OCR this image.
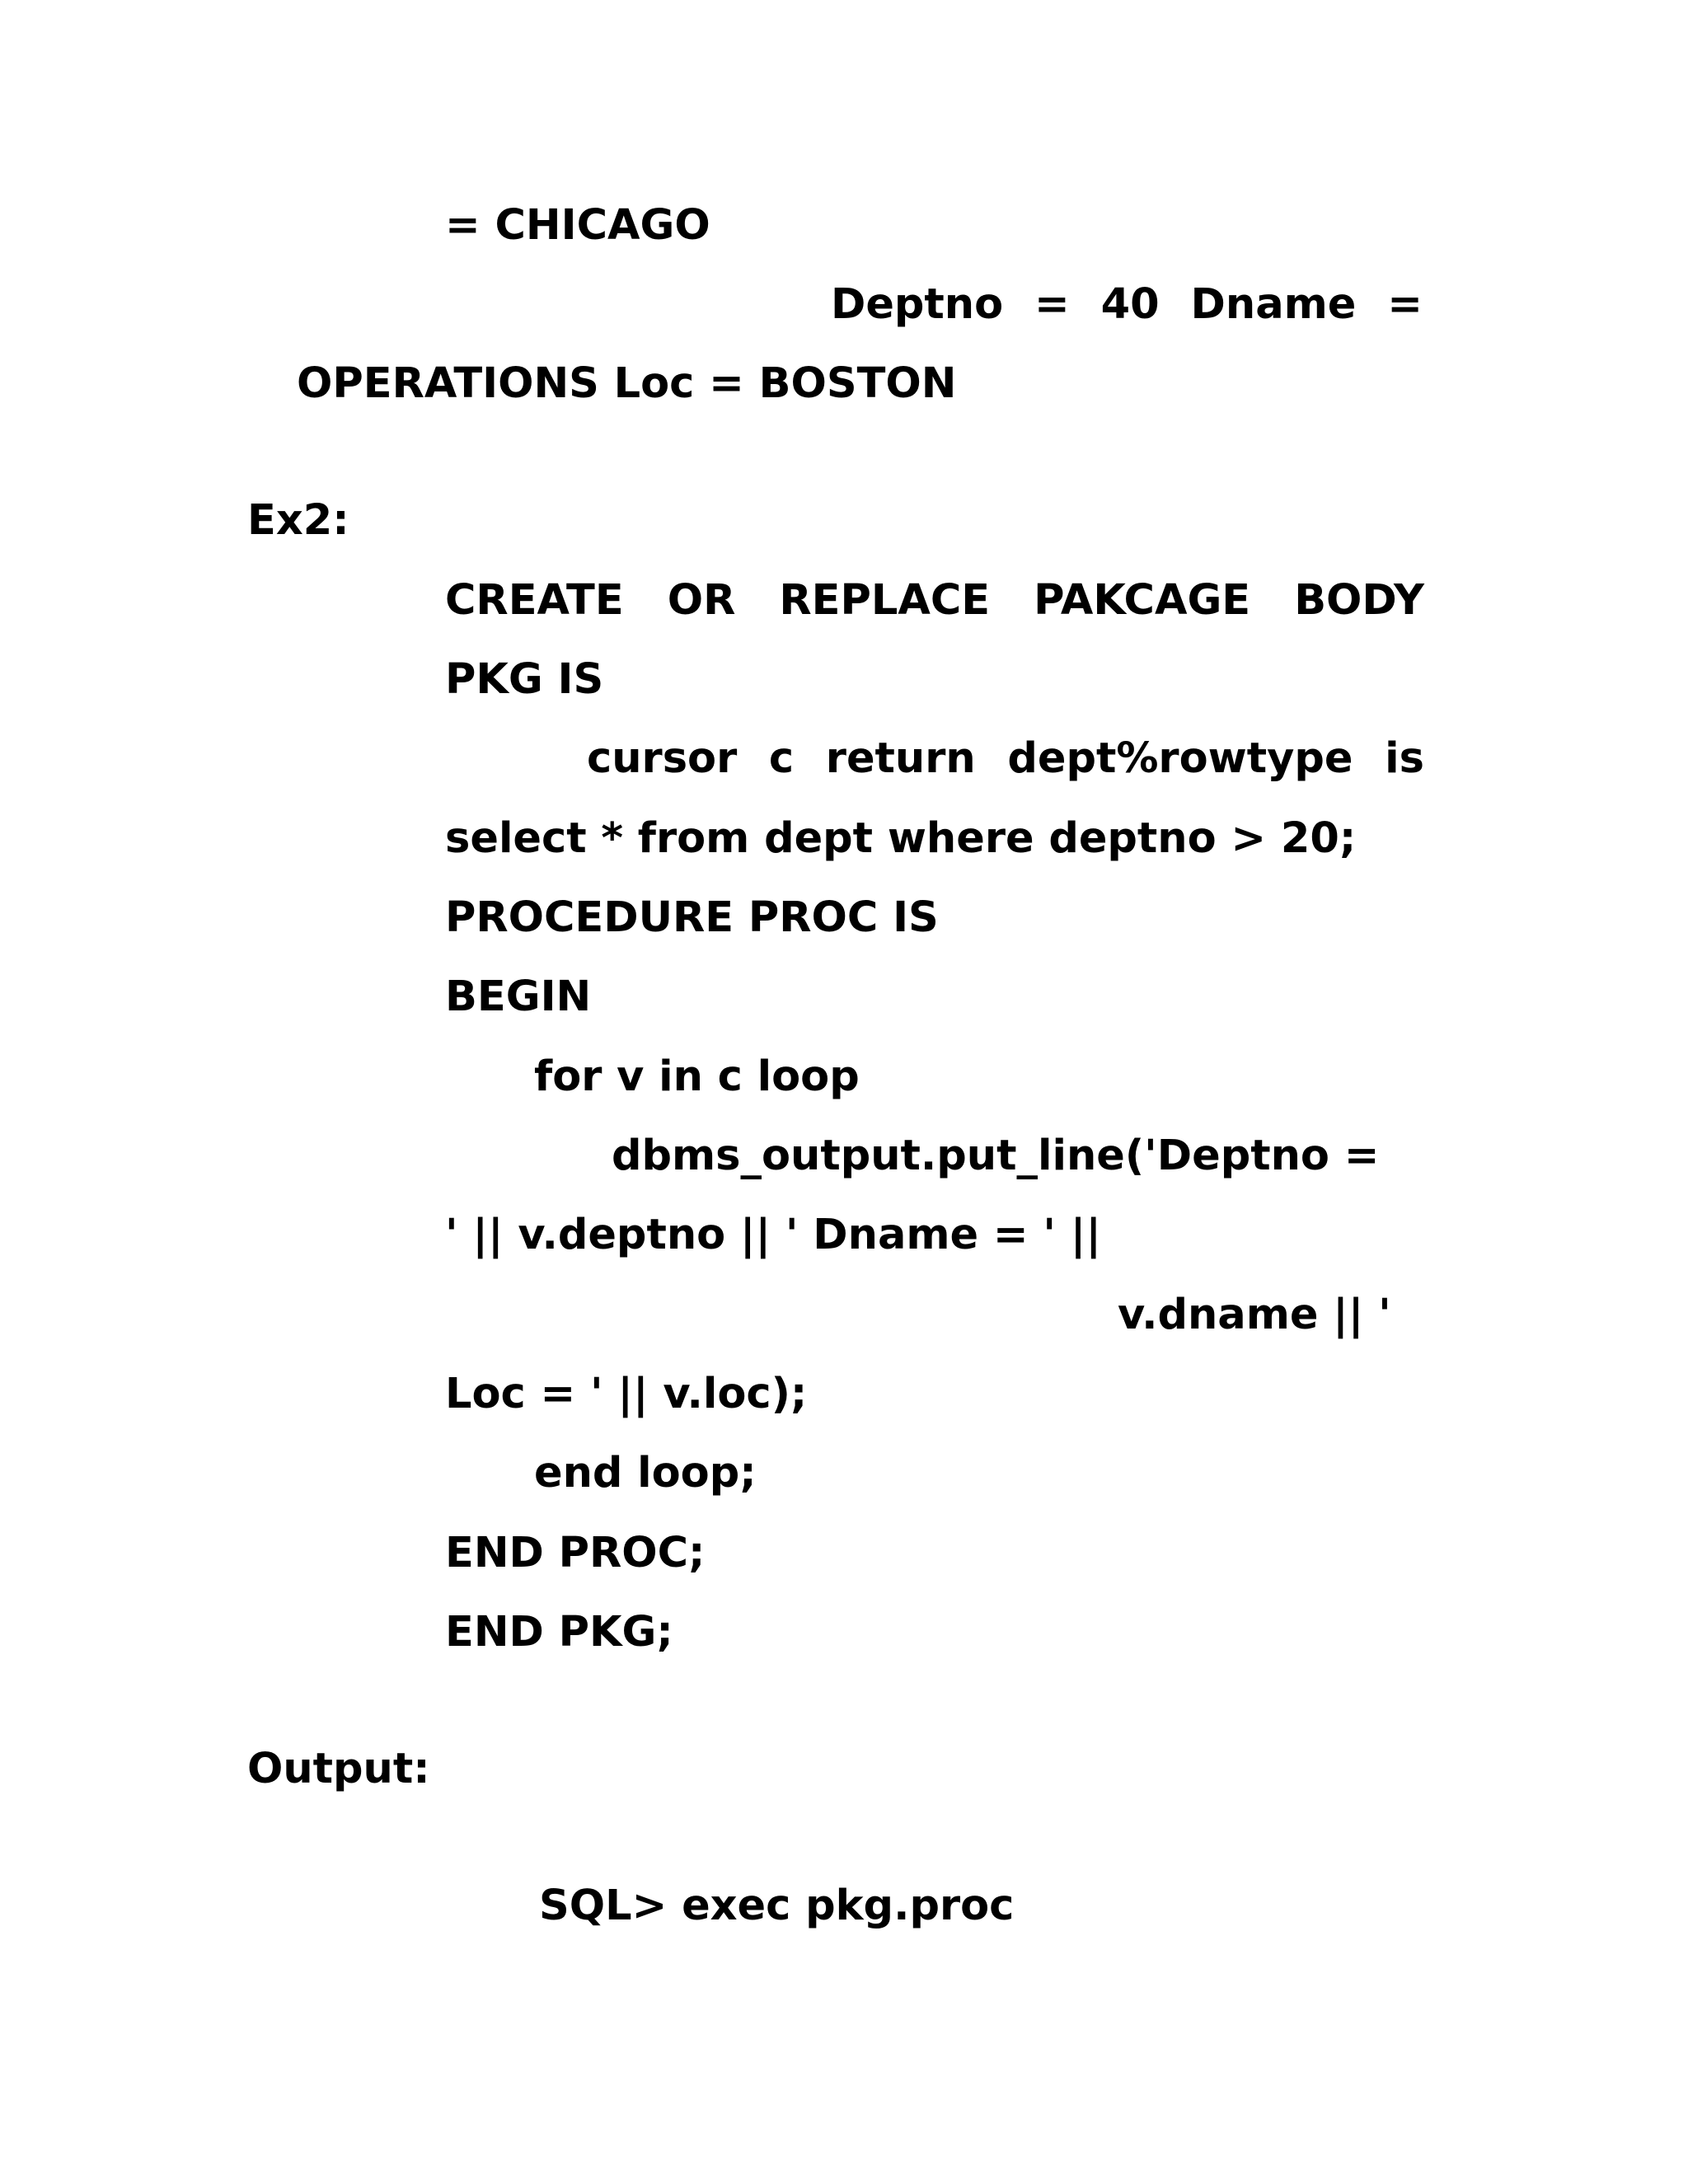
= CHICAGO
Deptno = 40 Dname =
OPERATIONS Loc = BOSTON
Ex2:
CREATE OR REPLACE PAKCAGE BODY
PKG IS
cursor c return dept%rowtype is
select * from dept where deptno > 20;
PROCEDURE PROC IS
BEGIN
for v in c loop
dbms_output.put_line('Deptno =
' || v.deptno || ' Dname = ' ||
v.dname || '
Loc = ' || v.loc);
end loop;
END PROC;
END PKG;
Output:
SQL> exec pkg.proc
